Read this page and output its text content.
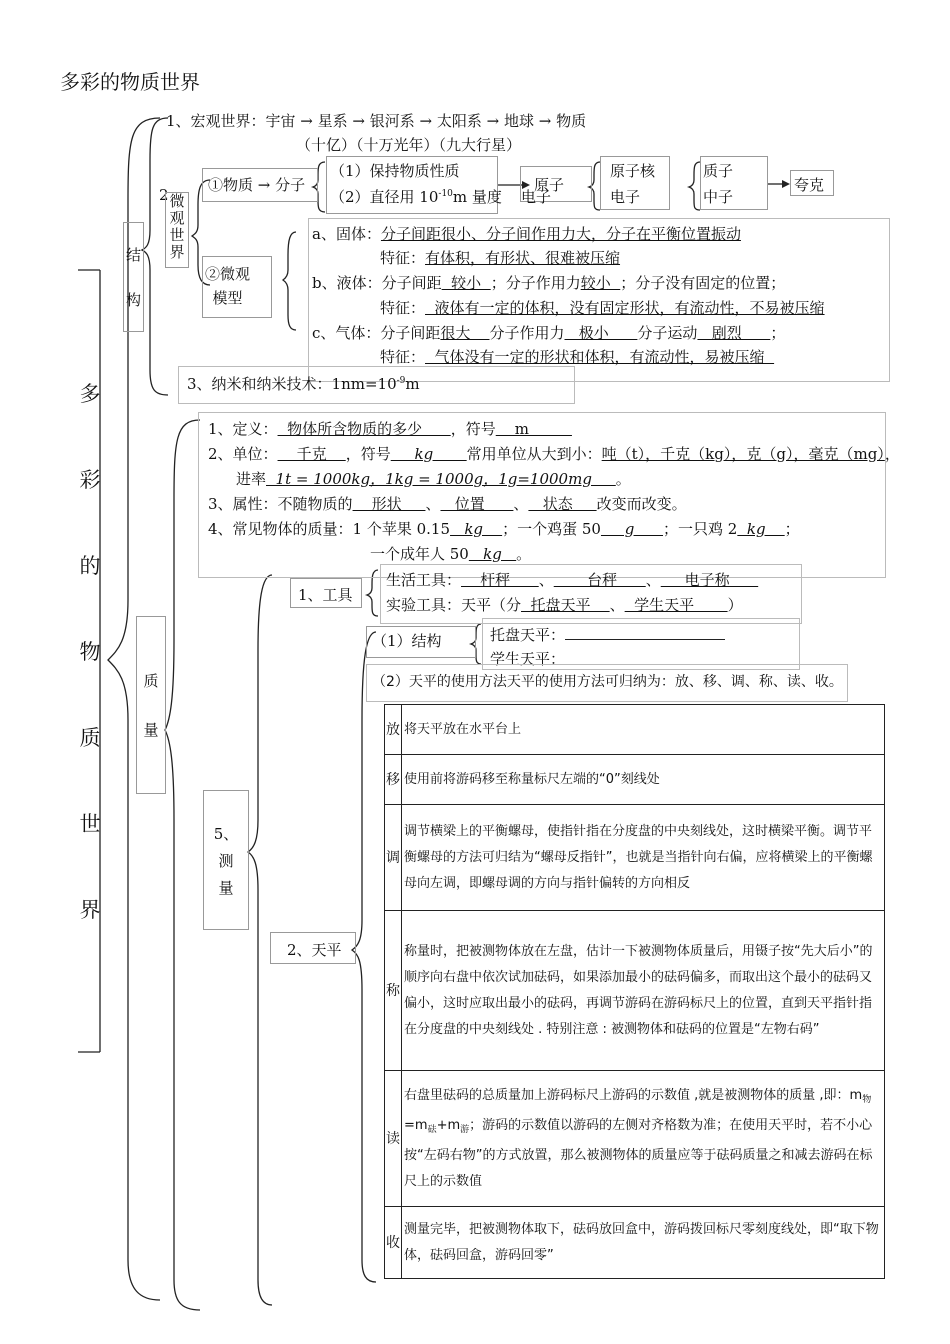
多彩的物质世界
多
彩
的
物
质
世
界
结
构
1、宏观世界：宇宙 → 星系 → 银河系 → 太阳系 → 地球 → 物质
（十亿）（十万光年）（九大行星）
2 微
观
世
界
①物质 → 分子
（1）保持物质性质
（2）直径用 $10^{-10}m$ 量度
原子
电子
原子核
电子
质子
中子
夸克
②微观
模型
a、固体：分子间距很小、分子间作用力大，分子在平衡位置振动
特征：有体积，有形状、很难被压缩
b、液体：分子间距  较小  ；分子作用力较小  ；分子没有固定的位置；
特征：  液体有一定的体积，没有固定形状，有流动性，不易被压缩
c、气体：分子间距很大    分子作用力   极小      分子运动   剧烈      ；
特征：  气体没有一定的形状和体积，有流动性，易被压缩
3、纳米和纳米技术：$1nm=10^{-9}m$
质
量
1、定义：  物体所含物质的多少      ，符号    m
2、单位：    千克    ，符号     kg       常用单位从大到小：吨（t），千克（kg），克（g），毫克（mg），
进率  1t = 1000kg，1kg = 1000g，1g=1000mg     。
3、属性：不随物质的    形状     、   位置      、   状态     改变而改变。
4、常见物体的质量：1 个苹果 0.15   kg    ；一个鸡蛋 50     g      ；一只鸡 2  kg    ；
一个成年人 50   kg   。
5、
测
量
1、工具
生活工具：    杆秤      、       台秤      、     电子称
实验工具：天平（分  托盘天平    、  学生天平       ）
2、天平
（1）结构	托盘天平：
学生天平：
（2）天平的使用方法天平的使用方法可归纳为：放、移、调、称、读、收。
放	将天平放在水平台上
移	使用前将游码移至称量标尺左端的“0”刻线处
调	调节横梁上的平衡螺母，使指针指在分度盘的中央刻线处，这时横梁平衡。调节平衡螺母的方法可归结为“螺母反指针”，也就是当指针向右偏，应将横梁上的平衡螺母向左调，即螺母调的方向与指针偏转的方向相反
称	称量时，把被测物体放在左盘，估计一下被测物体质量后，用镊子按“先大后小”的顺序向右盘中依次试加砝码，如果添加最小的砝码偏多，而取出这个最小的砝码又偏小，这时应取出最小的砝码，再调节游码在游码标尺上的位置，直到天平指针指在分度盘的中央刻线处 . 特别注意 : 被测物体和砝码的位置是“左物右码”
读	右盘里砝码的总质量加上游码标尺上游码的示数值 ,就是被测物体的质量 ,即：$m_物=m_砝+m_游$；游码的示数值以游码的左侧对齐格数为准；在使用天平时，若不小心按“左码右物”的方式放置，那么被测物体的质量应等于砝码质量之和减去游码在标尺上的示数值
收	测量完毕，把被测物体取下，砝码放回盒中，游码拨回标尺零刻度线处，即“取下物体，砝码回盒，游码回零”
